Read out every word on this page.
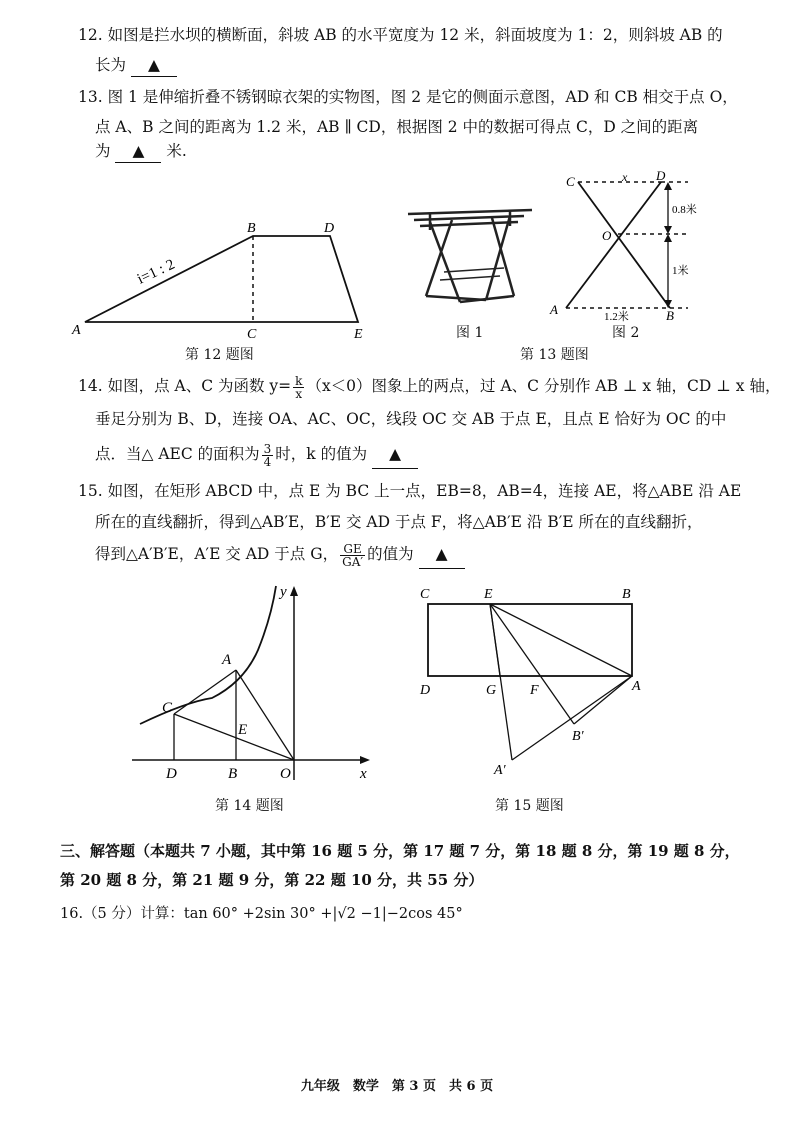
12. 如图是拦水坝的横断面，斜坡 AB 的水平宽度为 12 米，斜面坡度为 1：2，则斜坡 AB 的
长为 ▲
13. 图 1 是伸缩折叠不锈钢晾衣架的实物图，图 2 是它的侧面示意图，AD 和 CB 相交于点 O，
点 A、B 之间的距离为 1.2 米，AB ∥ CD，根据图 2 中的数据可得点 C，D 之间的距离
为 ▲ 米.
i=1 : 2
A
B
C
D
E
第 12 题图
图 1
C	D
O
A	B
x
0.8米
1米
1.2米
图 2
第 13 题图
14. 如图，点 A、C 为函数 $y= \frac{k}{x} (x<0)$图象上的两点，过 A、C 分别作 AB ⊥ x 轴，CD ⊥ x 轴，
垂足分别为 B、D，连接 OA、AC、OC，线段 OC 交 AB 于点 E，且点 E 恰好为 OC 的中
点．当△ AEC 的面积为 $\frac{3}{4}$ 时，k 的值为 ▲
15. 如图，在矩形 ABCD 中，点 E 为 BC 上一点，EB=8，AB=4，连接 AE，将△ABE 沿 AE
所在的直线翻折，得到△AB′E，B′E 交 AD 于点 F，将△AB′E 沿 B′E 所在的直线翻折，
得到△A′B′E，A′E 交 AD 于点 G， $\frac{GE}{GA'}$ 的值为 ▲
A
C
E
D	B	O	x
y
第 14 题图
C	E	B
D	G F	A
B′
A′
第 15 题图
三、解答题（本题共 7 小题，其中第 16 题 5 分，第 17 题 7 分，第 18 题 8 分，第 19 题 8 分，
第 20 题 8 分，第 21 题 9 分，第 22 题 10 分，共 55 分）
16.（5 分）计算：tan 60° +2sin 30° +|√2 −1|−2cos 45°
九年级　数学　第 3 页　共 6 页
